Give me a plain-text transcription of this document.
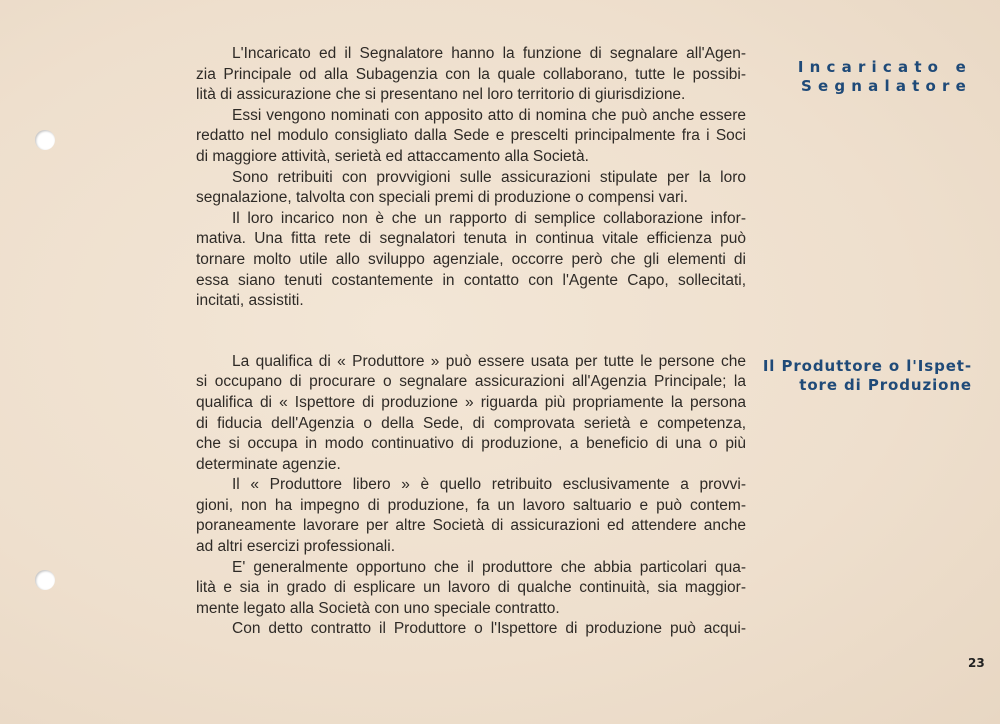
Incaricato e
Segnalatore
Il Produttore o l'Ispet-
tore di Produzione
L'Incaricato ed il Segnalatore hanno la funzione di segnalare all'Agen-
zia Principale od alla Subagenzia con la quale collaborano, tutte le possibi-
lità di assicurazione che si presentano nel loro territorio di giurisdizione.
Essi vengono nominati con apposito atto di nomina che può anche essere
redatto nel modulo consigliato dalla Sede e prescelti principalmente fra i Soci
di maggiore attività, serietà ed attaccamento alla Società.
Sono retribuiti con provvigioni sulle assicurazioni stipulate per la loro
segnalazione, talvolta con speciali premi di produzione o compensi vari.
Il loro incarico non è che un rapporto di semplice collaborazione infor-
mativa. Una fitta rete di segnalatori tenuta in continua vitale efficienza può
tornare molto utile allo sviluppo agenziale, occorre però che gli elementi di
essa siano tenuti costantemente in contatto con l'Agente Capo, sollecitati,
incitati, assistiti.
La qualifica di « Produttore » può essere usata per tutte le persone che
si occupano di procurare o segnalare assicurazioni all'Agenzia Principale; la
qualifica di « Ispettore di produzione » riguarda più propriamente la persona
di fiducia dell'Agenzia o della Sede, di comprovata serietà e competenza,
che si occupa in modo continuativo di produzione, a beneficio di una o più
determinate agenzie.
Il « Produttore libero » è quello retribuito esclusivamente a provvi-
gioni, non ha impegno di produzione, fa un lavoro saltuario e può contem-
poraneamente lavorare per altre Società di assicurazioni ed attendere anche
ad altri esercizi professionali.
E' generalmente opportuno che il produttore che abbia particolari qua-
lità e sia in grado di esplicare un lavoro di qualche continuità, sia maggior-
mente legato alla Società con uno speciale contratto.
Con detto contratto il Produttore o l'Ispettore di produzione può acqui-
23
